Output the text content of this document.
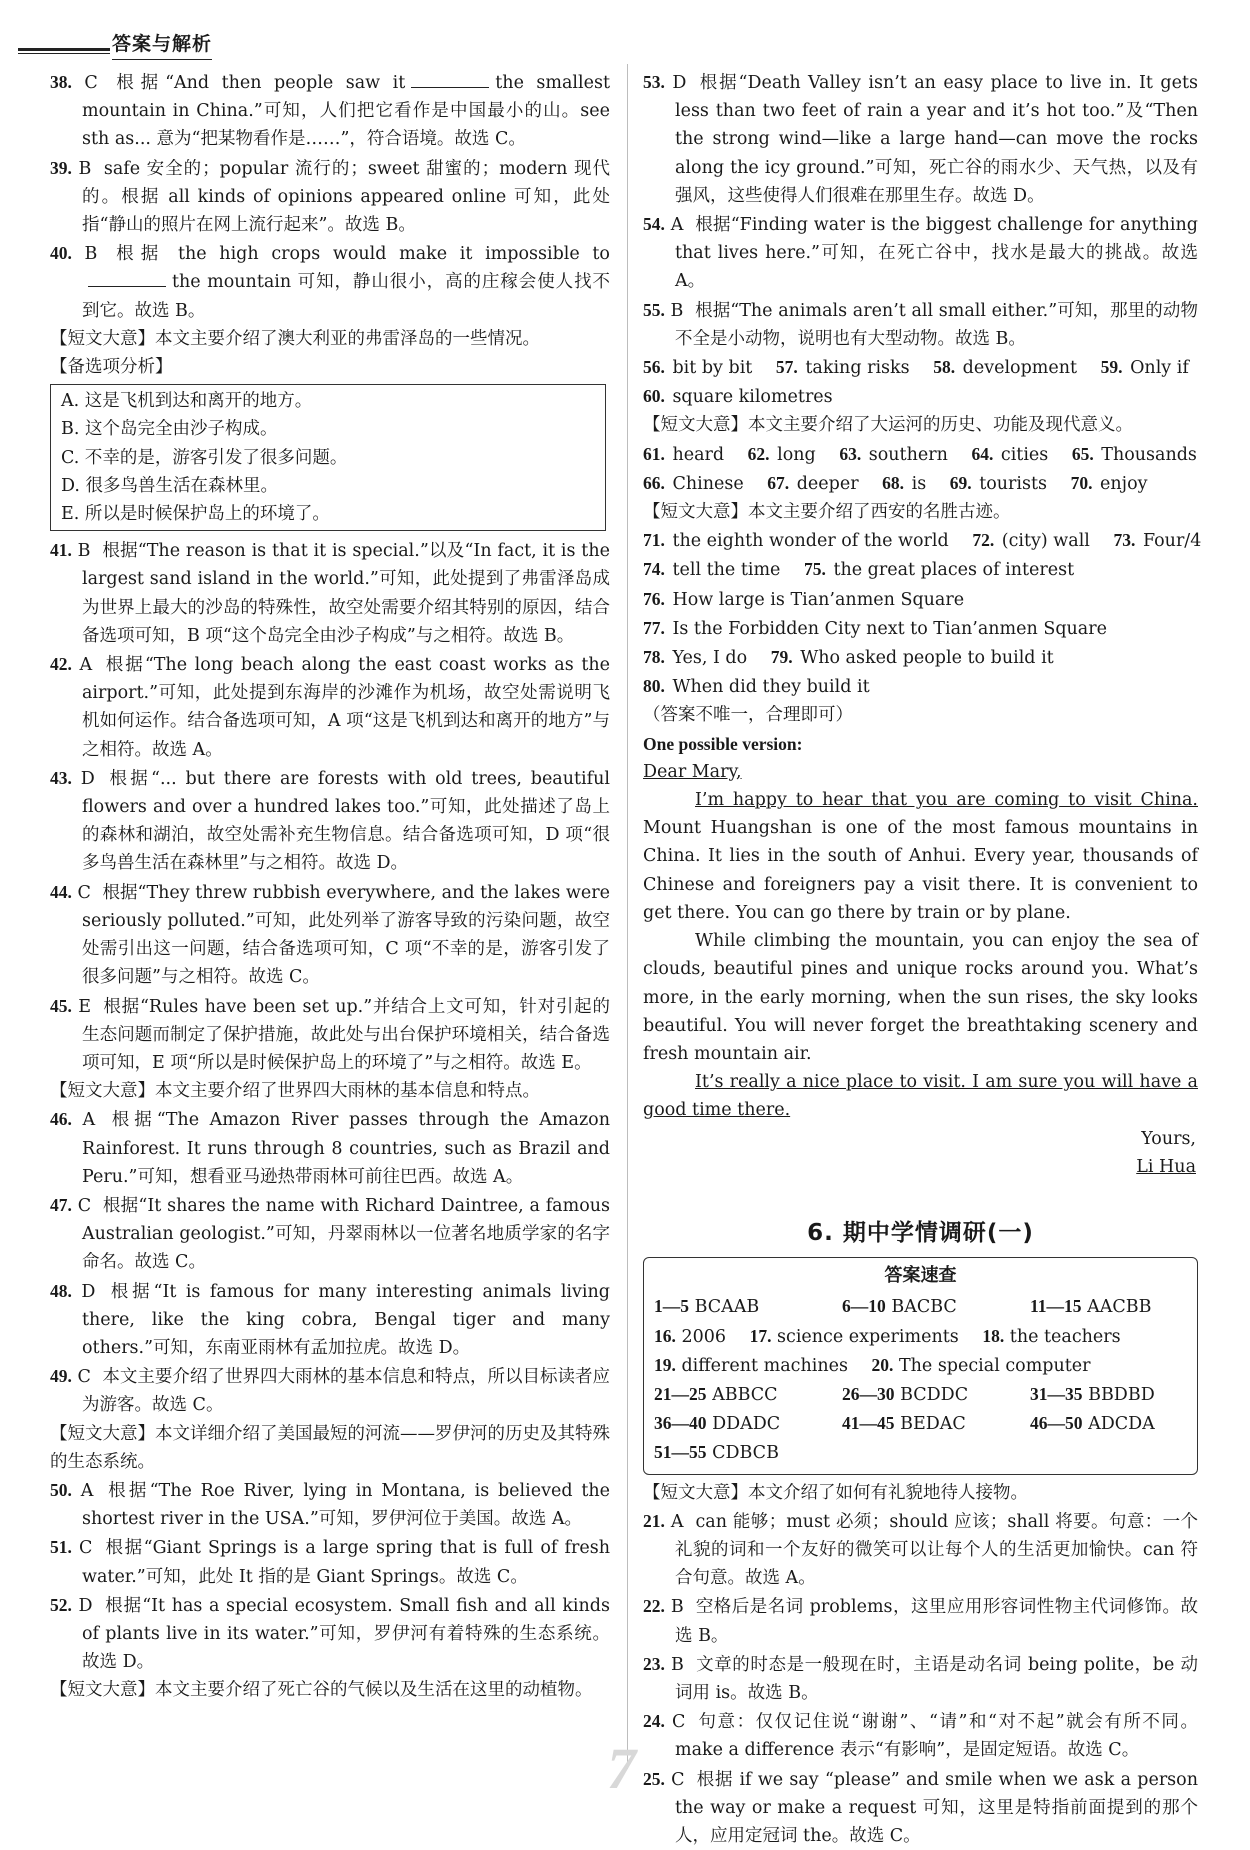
答案与解析
38. C 根据“And then people saw it	the smallest mountain in China.”可知，人们把它看作是中国最小的山。see sth as... 意为“把某物看作是……”，符合语境。故选 C。
39. B safe 安全的；popular 流行的；sweet 甜蜜的；modern 现代的。根据 all kinds of opinions appeared online 可知，此处指“静山的照片在网上流行起来”。故选 B。
40. B 根据 the high crops would make it impossible tothe mountain 可知，静山很小，高的庄稼会使人找不到它。故选 B。
【短文大意】本文主要介绍了澳大利亚的弗雷泽岛的一些情况。
【备选项分析】
A. 这是飞机到达和离开的地方。
B. 这个岛完全由沙子构成。
C. 不幸的是，游客引发了很多问题。
D. 很多鸟兽生活在森林里。
E. 所以是时候保护岛上的环境了。
41. B 根据“The reason is that it is special.”以及“In fact, it is the largest sand island in the world.”可知，此处提到了弗雷泽岛成为世界上最大的沙岛的特殊性，故空处需要介绍其特别的原因，结合备选项可知，B 项“这个岛完全由沙子构成”与之相符。故选 B。
42. A 根据“The long beach along the east coast works as the airport.”可知，此处提到东海岸的沙滩作为机场，故空处需说明飞机如何运作。结合备选项可知，A 项“这是飞机到达和离开的地方”与之相符。故选 A。
43. D 根据“... but there are forests with old trees, beautiful flowers and over a hundred lakes too.”可知，此处描述了岛上的森林和湖泊，故空处需补充生物信息。结合备选项可知，D 项“很多鸟兽生活在森林里”与之相符。故选 D。
44. C 根据“They threw rubbish everywhere, and the lakes were seriously polluted.”可知，此处列举了游客导致的污染问题，故空处需引出这一问题，结合备选项可知，C 项“不幸的是，游客引发了很多问题”与之相符。故选 C。
45. E 根据“Rules have been set up.”并结合上文可知，针对引起的生态问题而制定了保护措施，故此处与出台保护环境相关，结合备选项可知，E 项“所以是时候保护岛上的环境了”与之相符。故选 E。
【短文大意】本文主要介绍了世界四大雨林的基本信息和特点。
46. A 根据“The Amazon River passes through the Amazon Rainforest. It runs through 8 countries, such as Brazil and Peru.”可知，想看亚马逊热带雨林可前往巴西。故选 A。
47. C 根据“It shares the name with Richard Daintree, a famous Australian geologist.”可知，丹翠雨林以一位著名地质学家的名字命名。故选 C。
48. D 根据“It is famous for many interesting animals living there, like the king cobra, Bengal tiger and many others.”可知，东南亚雨林有孟加拉虎。故选 D。
49. C 本文主要介绍了世界四大雨林的基本信息和特点，所以目标读者应为游客。故选 C。
【短文大意】本文详细介绍了美国最短的河流——罗伊河的历史及其特殊的生态系统。
50. A 根据“The Roe River, lying in Montana, is believed the shortest river in the USA.”可知，罗伊河位于美国。故选 A。
51. C 根据“Giant Springs is a large spring that is full of fresh water.”可知，此处 It 指的是 Giant Springs。故选 C。
52. D 根据“It has a special ecosystem. Small fish and all kinds of plants live in its water.”可知，罗伊河有着特殊的生态系统。故选 D。
【短文大意】本文主要介绍了死亡谷的气候以及生活在这里的动植物。
53. D 根据“Death Valley isn’t an easy place to live in. It gets less than two feet of rain a year and it’s hot too.”及“Then the strong wind—like a large hand—can move the rocks along the icy ground.”可知，死亡谷的雨水少、天气热，以及有强风，这些使得人们很难在那里生存。故选 D。
54. A 根据“Finding water is the biggest challenge for anything that lives here.”可知，在死亡谷中，找水是最大的挑战。故选 A。
55. B 根据“The animals aren’t all small either.”可知，那里的动物不全是小动物，说明也有大型动物。故选 B。
56. bit by bit 57. taking risks 58. development 59. Only if
60. square kilometres
【短文大意】本文主要介绍了大运河的历史、功能及现代意义。
61. heard 62. long 63. southern 64. cities 65. Thousands
66. Chinese 67. deeper 68. is 69. tourists 70. enjoy
【短文大意】本文主要介绍了西安的名胜古迹。
71. the eighth wonder of the world 72. (city) wall 73. Four/4
74. tell the time 75. the great places of interest
76. How large is Tian’anmen Square
77. Is the Forbidden City next to Tian’anmen Square
78. Yes, I do 79. Who asked people to build it
80. When did they build it
（答案不唯一，合理即可）
One possible version:
Dear Mary,

I’m happy to hear that you are coming to visit China. Mount Huangshan is one of the most famous mountains in China. It lies in the south of Anhui. Every year, thousands of Chinese and foreigners pay a visit there. It is convenient to get there. You can go there by train or by plane.

While climbing the mountain, you can enjoy the sea of clouds, beautiful pines and unique rocks around you. What’s more, in the early morning, when the sun rises, the sky looks beautiful. You will never forget the breathtaking scenery and fresh mountain air.

It’s really a nice place to visit. I am sure you will have a good time there.

Yours,
Li Hua
6. 期中学情调研(一)
答案速查
1—5 BCAAB	6—10 BACBC	11—15 AACBB
16. 2006 17. science experiments 18. the teachers
19. different machines 20. The special computer
21—25 ABBCC	26—30 BCDDC	31—35 BBDBD
36—40 DDADC	41—45 BEDAC	46—50 ADCDA
51—55 CDBCB
【短文大意】本文介绍了如何有礼貌地待人接物。
21. A can 能够；must 必须；should 应该；shall 将要。句意：一个礼貌的词和一个友好的微笑可以让每个人的生活更加愉快。can 符合句意。故选 A。
22. B 空格后是名词 problems，这里应用形容词性物主代词修饰。故选 B。
23. B 文章的时态是一般现在时，主语是动名词 being polite，be 动词用 is。故选 B。
24. C 句意：仅仅记住说“谢谢”、“请”和“对不起”就会有所不同。make a difference 表示“有影响”，是固定短语。故选 C。
25. C 根据 if we say “please” and smile when we ask a person the way or make a request 可知，这里是特指前面提到的那个人，应用定冠词 the。故选 C。
7
